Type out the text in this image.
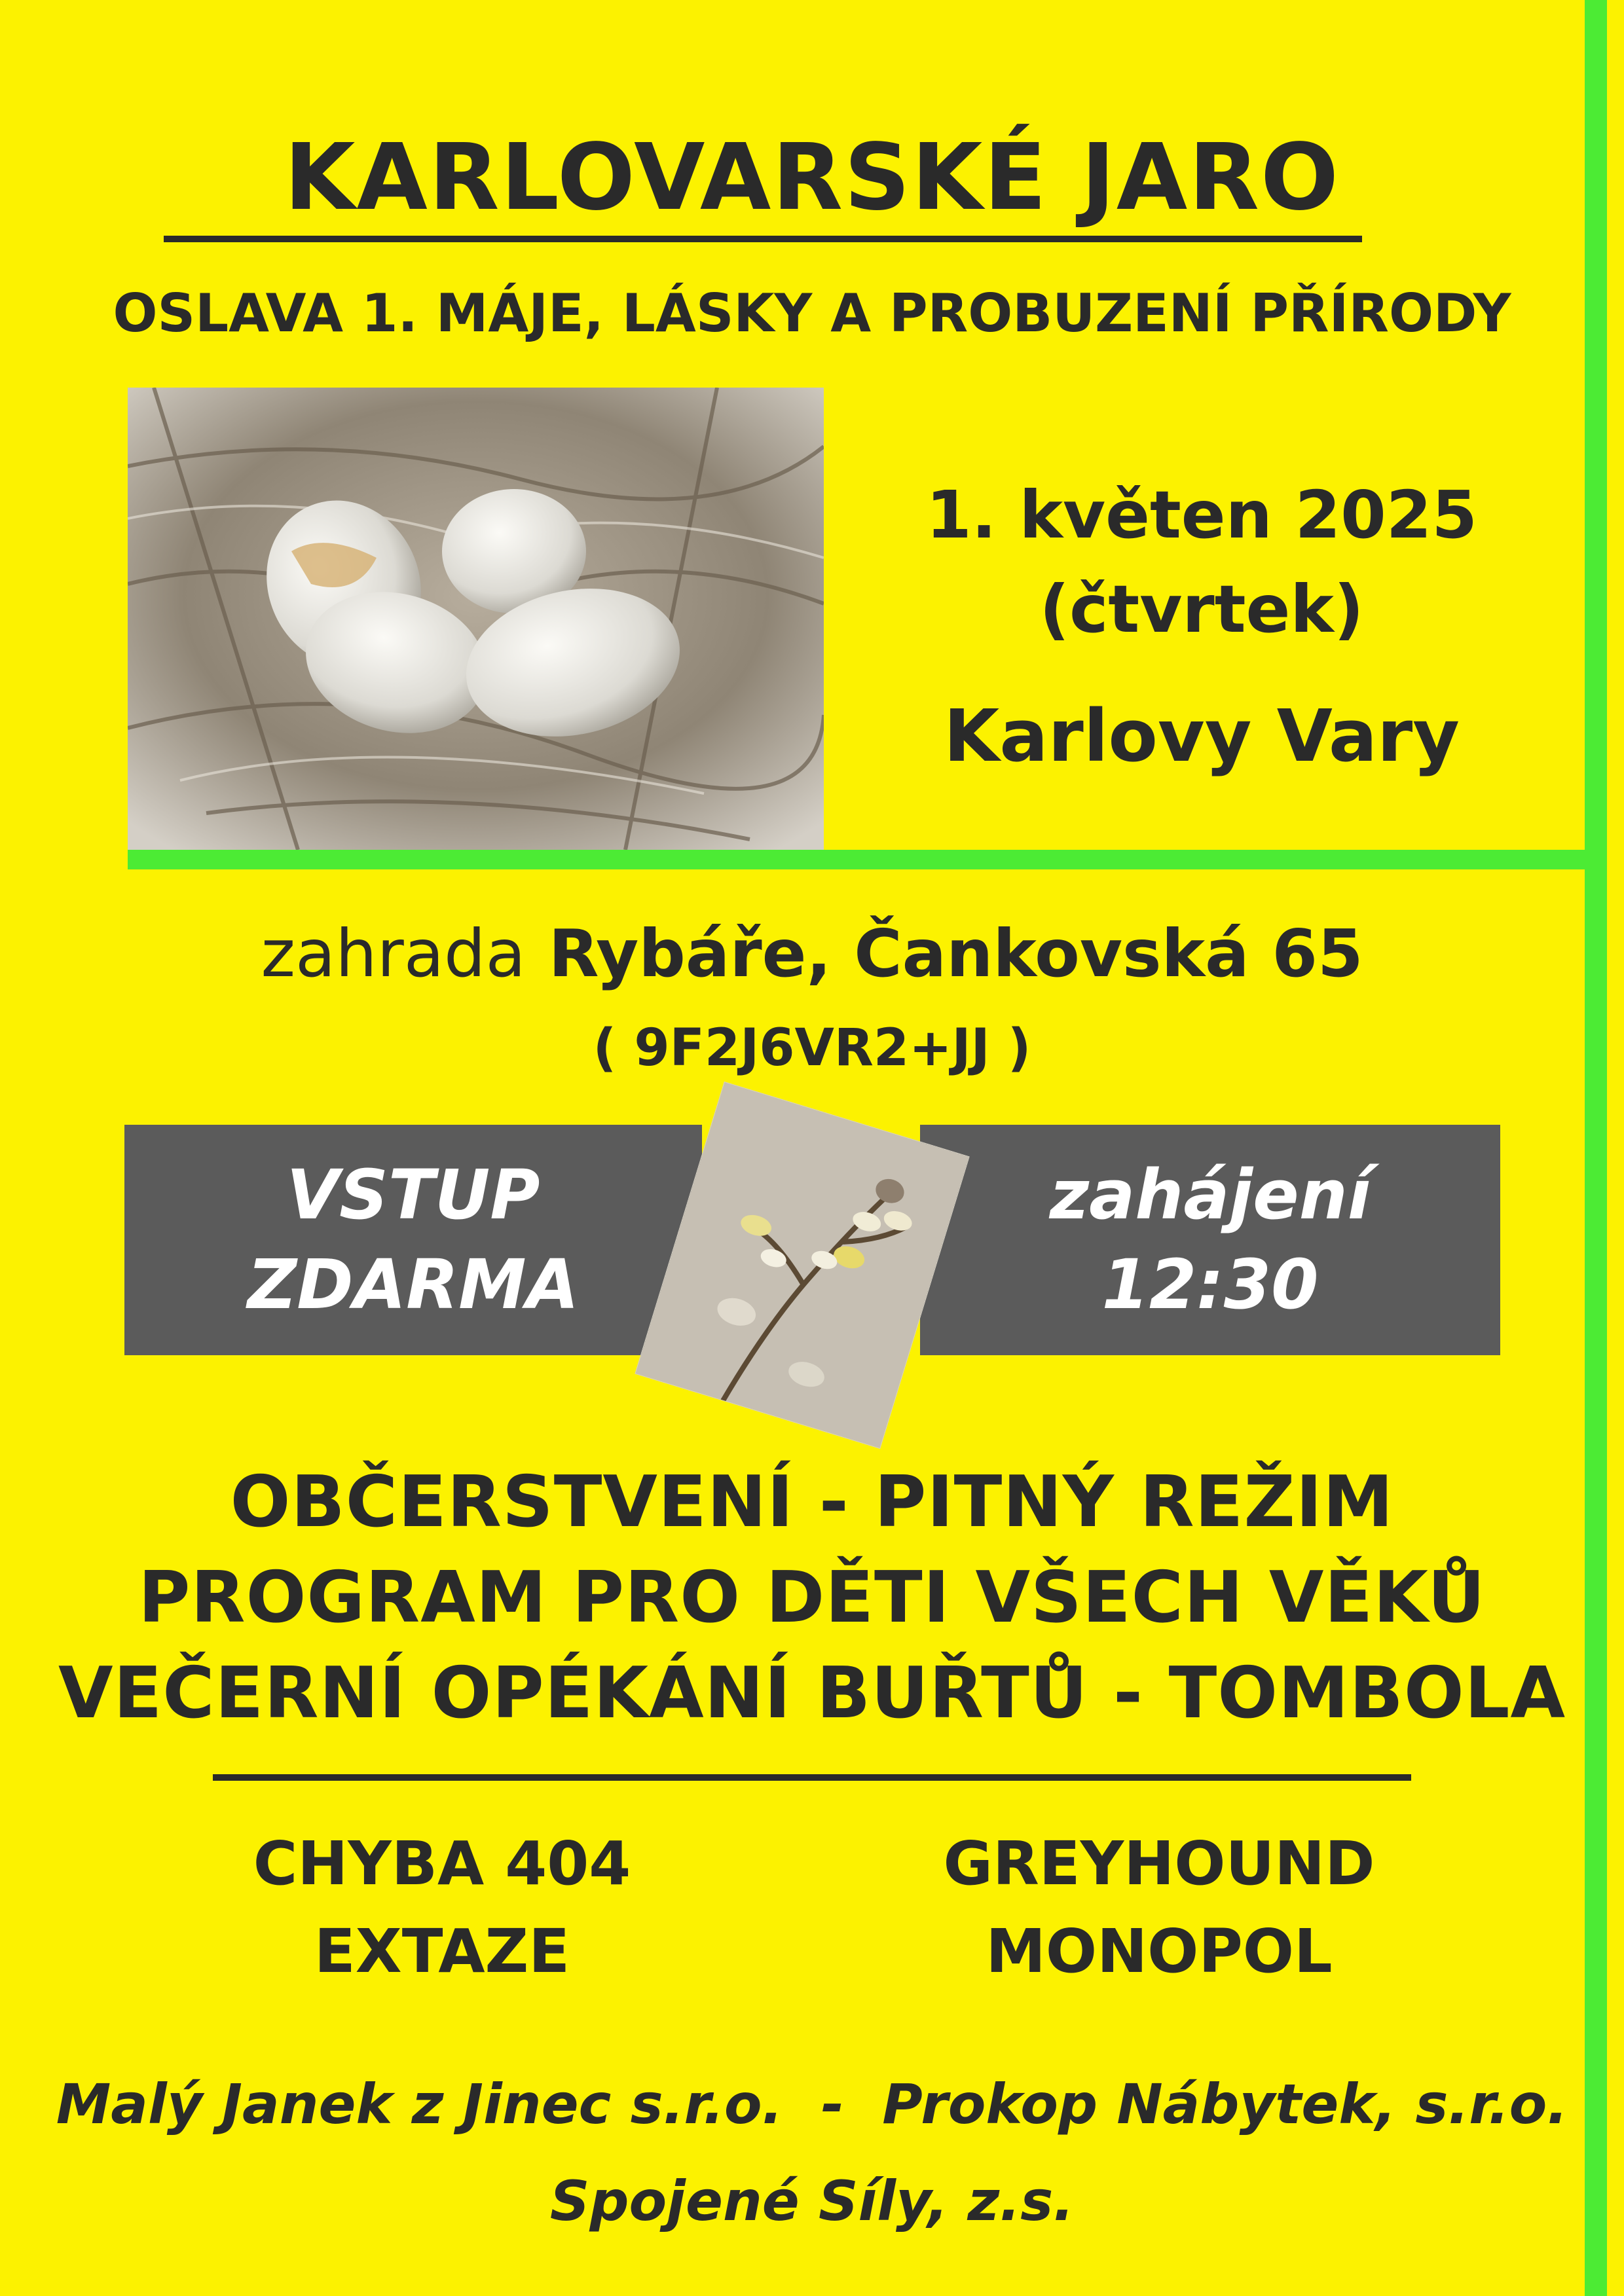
KARLOVARSKÉ JARO
OSLAVA 1. MÁJE, LÁSKY A PROBUZENÍ PŘÍRODY
1. květen 2025
(čtvrtek)
Karlovy Vary
zahrada Rybáře, Čankovská 65
( 9F2J6VR2+JJ )
VSTUP
ZDARMA
zahájení
12:30
OBČERSTVENÍ - PITNÝ REŽIM
PROGRAM PRO DĚTI VŠECH VĚKŮ
VEČERNÍ OPÉKÁNÍ BUŘTŮ - TOMBOLA
CHYBA 404
EXTAZE
GREYHOUND
MONOPOL
Malý Janek z Jinec s.r.o.  -  Prokop Nábytek, s.r.o.
Spojené Síly, z.s.
